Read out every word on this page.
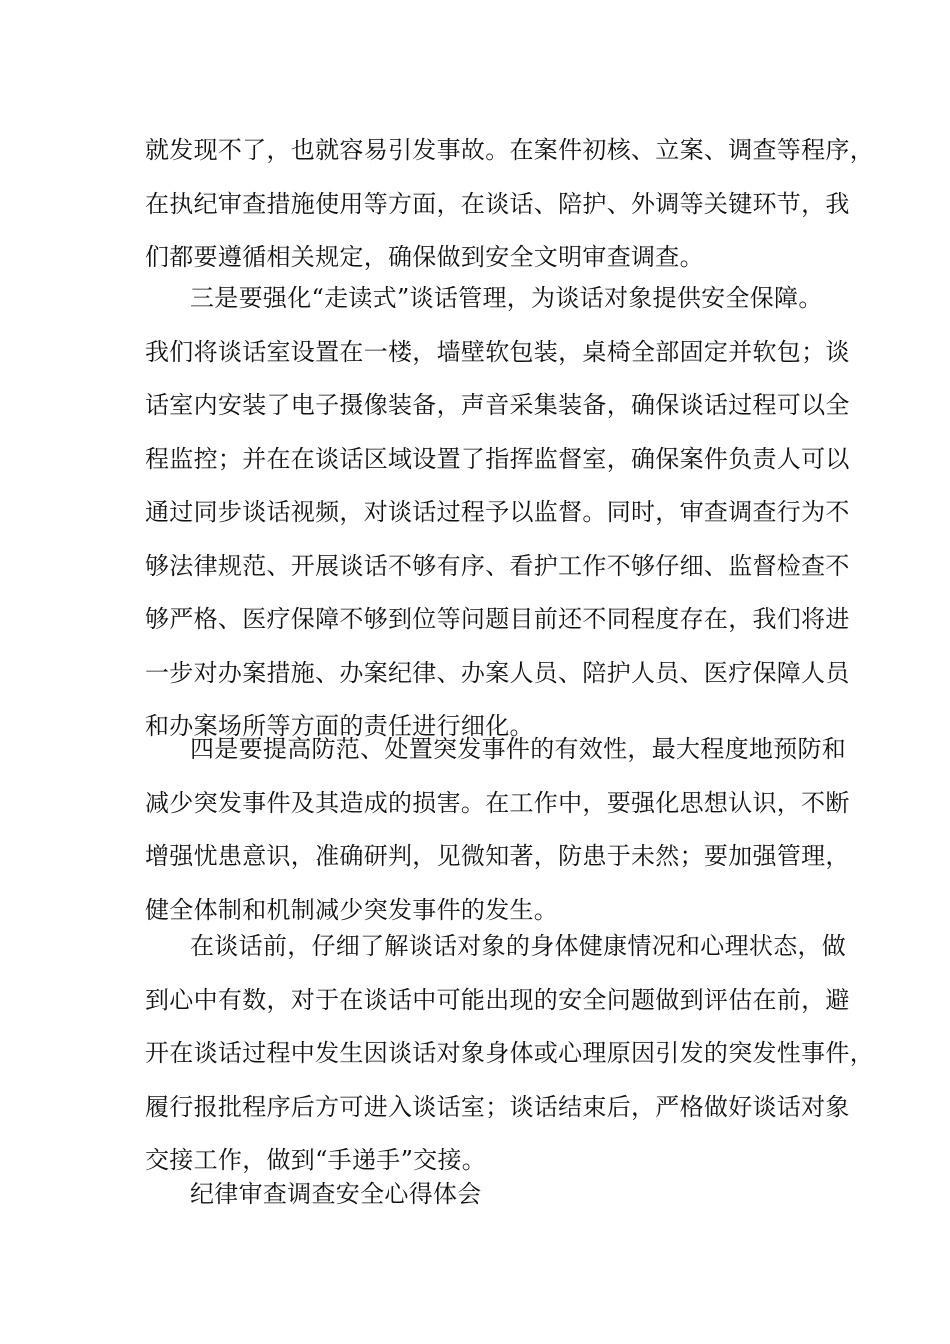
就发现不了，也就容易引发事故。在案件初核、立案、调查等程序，
在执纪审查措施使用等方面，在谈话、陪护、外调等关键环节，我
们都要遵循相关规定，确保做到安全文明审查调查。
三是要强化“走读式”谈话管理，为谈话对象提供安全保障。
我们将谈话室设置在一楼，墙壁软包装，桌椅全部固定并软包；谈
话室内安装了电子摄像装备，声音采集装备，确保谈话过程可以全
程监控；并在在谈话区域设置了指挥监督室，确保案件负责人可以
通过同步谈话视频，对谈话过程予以监督。同时，审查调查行为不
够法律规范、开展谈话不够有序、看护工作不够仔细、监督检查不
够严格、医疗保障不够到位等问题目前还不同程度存在，我们将进
一步对办案措施、办案纪律、办案人员、陪护人员、医疗保障人员
和办案场所等方面的责任进行细化。
四是要提高防范、处置突发事件的有效性，最大程度地预防和
减少突发事件及其造成的损害。在工作中，要强化思想认识，不断
增强忧患意识，准确研判，见微知著，防患于未然；要加强管理，
健全体制和机制减少突发事件的发生。
在谈话前，仔细了解谈话对象的身体健康情况和心理状态，做
到心中有数，对于在谈话中可能出现的安全问题做到评估在前，避
开在谈话过程中发生因谈话对象身体或心理原因引发的突发性事件，
履行报批程序后方可进入谈话室；谈话结束后，严格做好谈话对象
交接工作，做到“手递手”交接。
纪律审查调查安全心得体会
